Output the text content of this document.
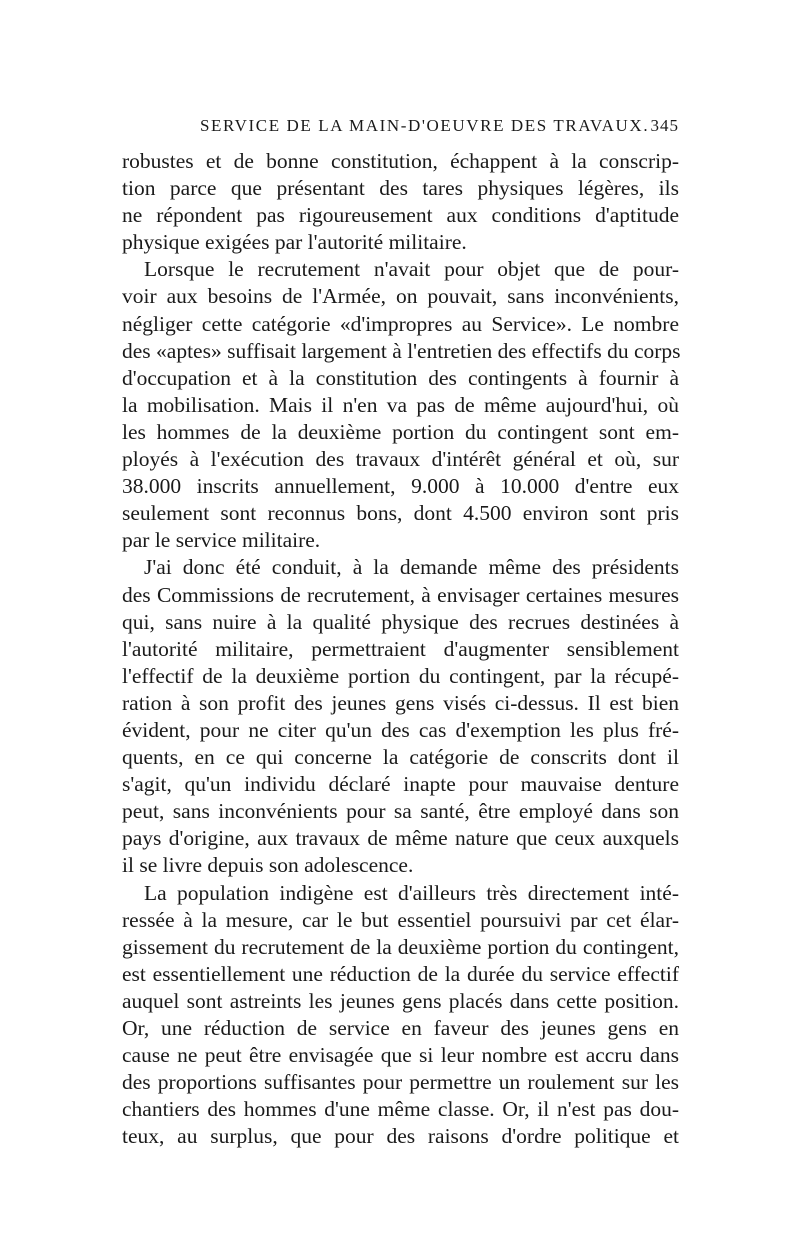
SERVICE DE LA MAIN-D'OEUVRE DES TRAVAUX. 345
robustes et de bonne constitution, échappent à la conscrip-
tion parce que présentant des tares physiques légères, ils
ne répondent pas rigoureusement aux conditions d'aptitude
physique exigées par l'autorité militaire.
Lorsque le recrutement n'avait pour objet que de pour-
voir aux besoins de l'Armée, on pouvait, sans inconvénients,
négliger cette catégorie «d'impropres au Service». Le nombre
des «aptes» suffisait largement à l'entretien des effectifs du corps
d'occupation et à la constitution des contingents à fournir à
la mobilisation. Mais il n'en va pas de même aujourd'hui, où
les hommes de la deuxième portion du contingent sont em-
ployés à l'exécution des travaux d'intérêt général et où, sur
38.000 inscrits annuellement, 9.000 à 10.000 d'entre eux
seulement sont reconnus bons, dont 4.500 environ sont pris
par le service militaire.
J'ai donc été conduit, à la demande même des présidents
des Commissions de recrutement, à envisager certaines mesures
qui, sans nuire à la qualité physique des recrues destinées à
l'autorité militaire, permettraient d'augmenter sensiblement
l'effectif de la deuxième portion du contingent, par la récupé-
ration à son profit des jeunes gens visés ci-dessus. Il est bien
évident, pour ne citer qu'un des cas d'exemption les plus fré-
quents, en ce qui concerne la catégorie de conscrits dont il
s'agit, qu'un individu déclaré inapte pour mauvaise denture
peut, sans inconvénients pour sa santé, être employé dans son
pays d'origine, aux travaux de même nature que ceux auxquels
il se livre depuis son adolescence.
La population indigène est d'ailleurs très directement inté-
ressée à la mesure, car le but essentiel poursuivi par cet élar-
gissement du recrutement de la deuxième portion du contingent,
est essentiellement une réduction de la durée du service effectif
auquel sont astreints les jeunes gens placés dans cette position.
Or, une réduction de service en faveur des jeunes gens en
cause ne peut être envisagée que si leur nombre est accru dans
des proportions suffisantes pour permettre un roulement sur les
chantiers des hommes d'une même classe. Or, il n'est pas dou-
teux, au surplus, que pour des raisons d'ordre politique et
